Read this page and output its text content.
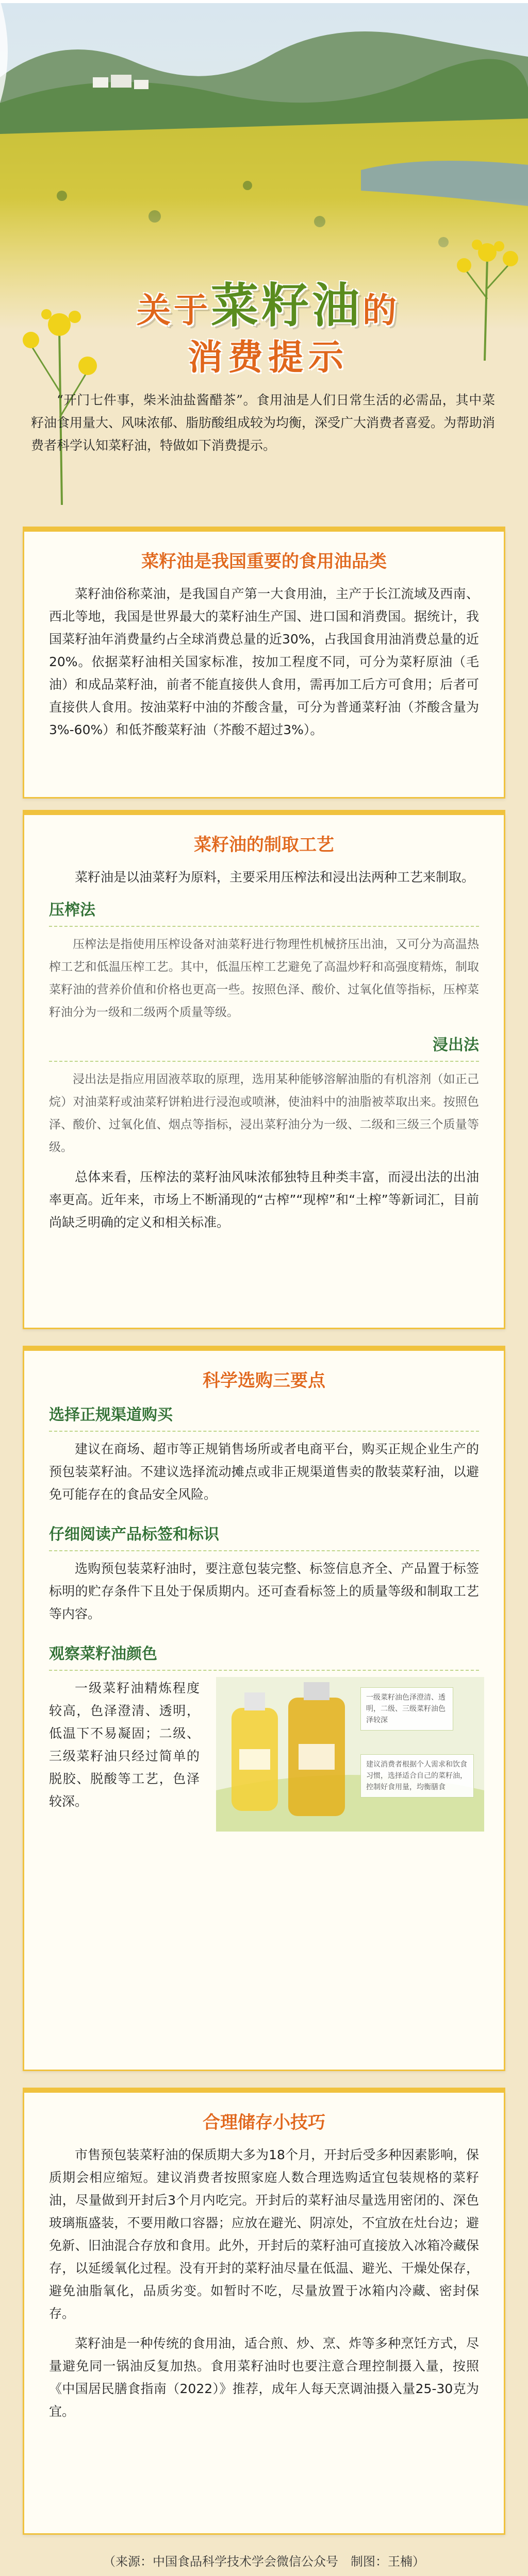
关于菜籽油的
消费提示
“开门七件事，柴米油盐酱醋茶”。食用油是人们日常生活的必需品，其中菜籽油食用量大、风味浓郁、脂肪酸组成较为均衡，深受广大消费者喜爱。为帮助消费者科学认知菜籽油，特做如下消费提示。
菜籽油是我国重要的食用油品类
菜籽油俗称菜油，是我国自产第一大食用油，主产于长江流域及西南、西北等地，我国是世界最大的菜籽油生产国、进口国和消费国。据统计，我国菜籽油年消费量约占全球消费总量的近30%，占我国食用油消费总量的近20%。依据菜籽油相关国家标准，按加工程度不同，可分为菜籽原油（毛油）和成品菜籽油，前者不能直接供人食用，需再加工后方可食用；后者可直接供人食用。按油菜籽中油的芥酸含量，可分为普通菜籽油（芥酸含量为3%-60%）和低芥酸菜籽油（芥酸不超过3%）。
菜籽油的制取工艺
菜籽油是以油菜籽为原料，主要采用压榨法和浸出法两种工艺来制取。
压榨法
压榨法是指使用压榨设备对油菜籽进行物理性机械挤压出油，又可分为高温热榨工艺和低温压榨工艺。其中，低温压榨工艺避免了高温炒籽和高强度精炼，制取菜籽油的营养价值和价格也更高一些。按照色泽、酸价、过氧化值等指标，压榨菜籽油分为一级和二级两个质量等级。
浸出法
浸出法是指应用固液萃取的原理，选用某种能够溶解油脂的有机溶剂（如正己烷）对油菜籽或油菜籽饼粕进行浸泡或喷淋，使油料中的油脂被萃取出来。按照色泽、酸价、过氧化值、烟点等指标，浸出菜籽油分为一级、二级和三级三个质量等级。
总体来看，压榨法的菜籽油风味浓郁独特且种类丰富，而浸出法的出油率更高。近年来，市场上不断涌现的“古榨”“现榨”和“土榨”等新词汇，目前尚缺乏明确的定义和相关标准。
科学选购三要点
选择正规渠道购买
建议在商场、超市等正规销售场所或者电商平台，购买正规企业生产的预包装菜籽油。不建议选择流动摊点或非正规渠道售卖的散装菜籽油，以避免可能存在的食品安全风险。
仔细阅读产品标签和标识
选购预包装菜籽油时，要注意包装完整、标签信息齐全、产品置于标签标明的贮存条件下且处于保质期内。还可查看标签上的质量等级和制取工艺等内容。
观察菜籽油颜色
一级菜籽油精炼程度较高，色泽澄清、透明，低温下不易凝固；二级、三级菜籽油只经过简单的脱胶、脱酸等工艺，色泽较深。
一级菜籽油色泽澄清、透明，二级、三级菜籽油色泽较深
建议消费者根据个人需求和饮食习惯，选择适合自己的菜籽油，控制好食用量，均衡膳食
合理储存小技巧
市售预包装菜籽油的保质期大多为18个月，开封后受多种因素影响，保质期会相应缩短。建议消费者按照家庭人数合理选购适宜包装规格的菜籽油，尽量做到开封后3个月内吃完。开封后的菜籽油尽量选用密闭的、深色玻璃瓶盛装，不要用敞口容器；应放在避光、阴凉处，不宜放在灶台边；避免新、旧油混合存放和食用。此外，开封后的菜籽油可直接放入冰箱冷藏保存，以延缓氧化过程。没有开封的菜籽油尽量在低温、避光、干燥处保存，避免油脂氧化，品质劣变。如暂时不吃，尽量放置于冰箱内冷藏、密封保存。
菜籽油是一种传统的食用油，适合煎、炒、烹、炸等多种烹饪方式，尽量避免同一锅油反复加热。食用菜籽油时也要注意合理控制摄入量，按照《中国居民膳食指南（2022）》推荐，成年人每天烹调油摄入量25-30克为宜。
（来源：中国食品科学技术学会微信公众号　制图：王楠）
